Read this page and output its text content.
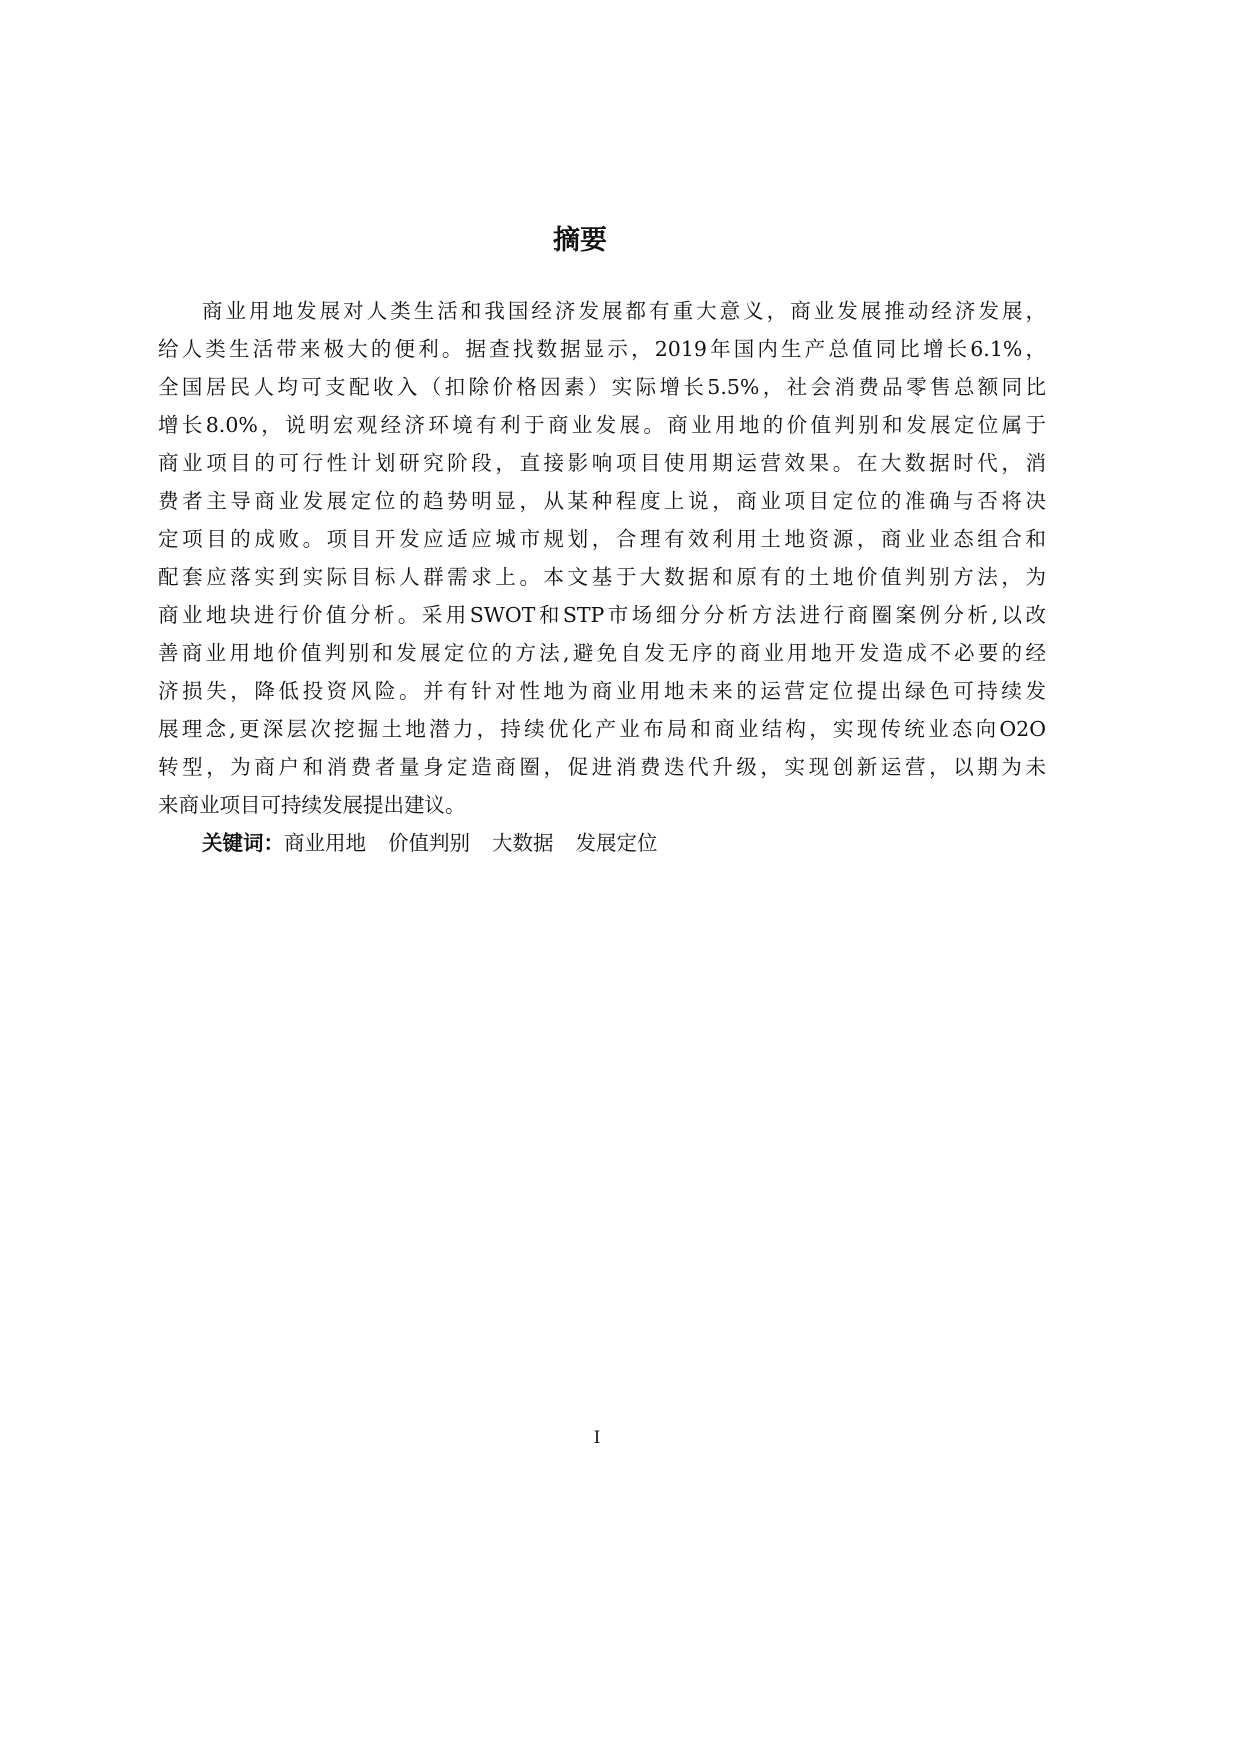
摘要
商业用地发展对人类生活和我国经济发展都有重大意义，商业发展推动经济发展，
给人类生活带来极大的便利。据查找数据显示，2019年国内生产总值同比增长6.1%，
全国居民人均可支配收入（扣除价格因素）实际增长5.5%，社会消费品零售总额同比
增长8.0%，说明宏观经济环境有利于商业发展。商业用地的价值判别和发展定位属于
商业项目的可行性计划研究阶段，直接影响项目使用期运营效果。在大数据时代，消
费者主导商业发展定位的趋势明显，从某种程度上说，商业项目定位的准确与否将决
定项目的成败。项目开发应适应城市规划，合理有效利用土地资源，商业业态组合和
配套应落实到实际目标人群需求上。本文基于大数据和原有的土地价值判别方法，为
商业地块进行价值分析。采用SWOT和STP市场细分分析方法进行商圈案例分析,以改
善商业用地价值判别和发展定位的方法,避免自发无序的商业用地开发造成不必要的经
济损失，降低投资风险。并有针对性地为商业用地未来的运营定位提出绿色可持续发
展理念,更深层次挖掘土地潜力，持续优化产业布局和商业结构，实现传统业态向O2O
转型，为商户和消费者量身定造商圈，促进消费迭代升级，实现创新运营，以期为未
来商业项目可持续发展提出建议。
关键词：商业用地 价值判别 大数据 发展定位
I
